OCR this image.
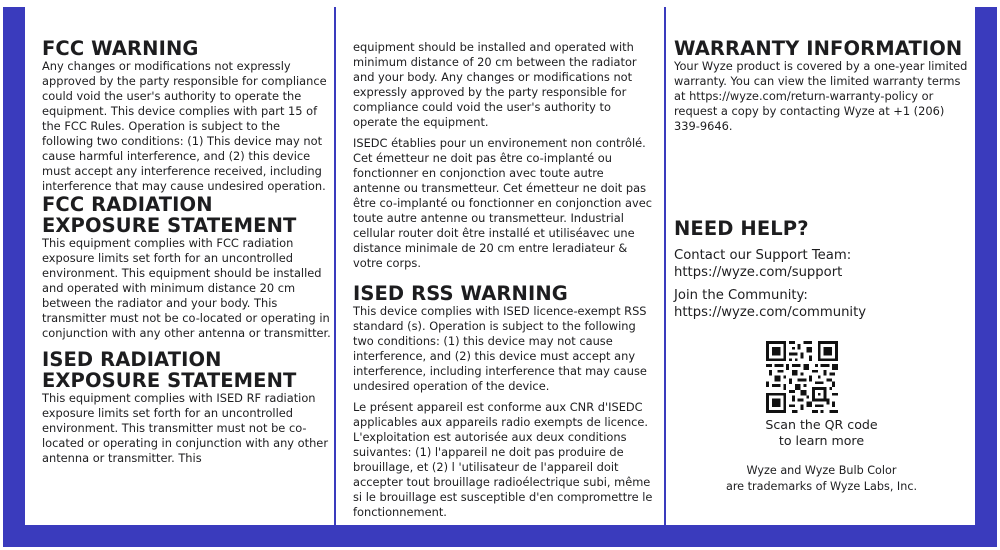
FCC WARNING

Any changes or modifications not expressly approved by the party responsible for compliance could void the user's authority to operate the equipment. This device complies with part 15 of the FCC Rules. Operation is subject to the following two conditions: (1) This device may not cause harmful interference, and (2) this device must accept any interference received, including interference that may cause undesired operation.

FCC RADIATION EXPOSURE STATEMENT

This equipment complies with FCC radiation exposure limits set forth for an uncontrolled environment. This equipment should be installed and operated with minimum distance 20 cm between the radiator and your body. This transmitter must not be co-located or operating in conjunction with any other antenna or transmitter.

ISED RADIATION EXPOSURE STATEMENT

This equipment complies with ISED RF radiation exposure limits set forth for an uncontrolled environment. This transmitter must not be co-located or operating in conjunction with any other antenna or transmitter. This

equipment should be installed and operated with minimum distance of 20 cm between the radiator and your body. Any changes or modifications not expressly approved by the party responsible for compliance could void the user's authority to operate the equipment.

ISEDC établies pour un environement non contrôlé. Cet émetteur ne doit pas être co-implanté ou fonctionner en conjonction avec toute autre antenne ou transmetteur. Cet émetteur ne doit pas être co-implanté ou fonctionner en conjonction avec toute autre antenne ou transmetteur. Industrial cellular router doit être installé et utiliséavec une distance minimale de 20 cm entre leradiateur & votre corps.

ISED RSS WARNING

This device complies with ISED licence-exempt RSS standard (s). Operation is subject to the following two conditions: (1) this device may not cause interference, and (2) this device must accept any interference, including interference that may cause undesired operation of the device.

Le présent appareil est conforme aux CNR d'ISEDC applicables aux appareils radio exempts de licence. L'exploitation est autorisée aux deux conditions suivantes: (1) l'appareil ne doit pas produire de brouillage, et (2) l 'utilisateur de l'appareil doit accepter tout brouillage radioélectrique subi, même si le brouillage est susceptible d'en compromettre le fonctionnement.

WARRANTY INFORMATION

Your Wyze product is covered by a one-year limited warranty. You can view the limited warranty terms at https://wyze.com/return-warranty-policy or request a copy by contacting Wyze at +1 (206) 339-9646.

NEED HELP?

Contact our Support Team:

https://wyze.com/support

Join the Community:

https://wyze.com/community

Scan the QR code

to learn more

Wyze and Wyze Bulb Color

are trademarks of Wyze Labs, Inc.
